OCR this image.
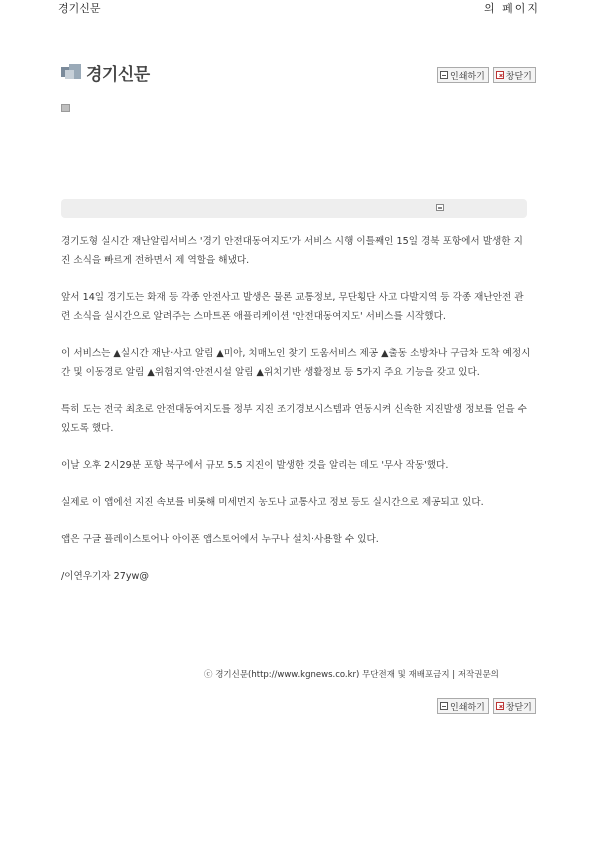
경기신문	의 페이지
경기신문	인쇄하기 창닫기

경기도형 실시간 재난알림서비스 '경기 안전대동여지도'가 서비스 시행 이틀째인 15일 경북 포항에서 발생한 지진 소식을 빠르게 전하면서 제 역할을 해냈다.

앞서 14일 경기도는 화재 등 각종 안전사고 발생은 물론 교통정보, 무단횡단 사고 다발지역 등 각종 재난안전 관련 소식을 실시간으로 알려주는 스마트폰 애플리케이션 '안전대동여지도' 서비스를 시작했다.

이 서비스는 ▲실시간 재난·사고 알림 ▲미아, 치매노인 찾기 도움서비스 제공 ▲출동 소방차나 구급차 도착 예정시간 및 이동경로 알림 ▲위험지역·안전시설 알림 ▲위치기반 생활정보 등 5가지 주요 기능을 갖고 있다.

특히 도는 전국 최초로 안전대동여지도를 정부 지진 조기경보시스템과 연동시켜 신속한 지진발생 정보를 얻을 수 있도록 했다.

이날 오후 2시29분 포항 북구에서 규모 5.5 지진이 발생한 것을 알리는 데도 '무사 작동'했다.

실제로 이 앱에선 지진 속보를 비롯해 미세먼지 농도나 교통사고 정보 등도 실시간으로 제공되고 있다.

앱은 구글 플레이스토어나 아이폰 앱스토어에서 누구나 설치·사용할 수 있다.

/이연우기자 27yw@

ⓒ 경기신문(http://www.kgnews.co.kr) 무단전재 및 재배포금지 | 저작권문의
인쇄하기 창닫기
